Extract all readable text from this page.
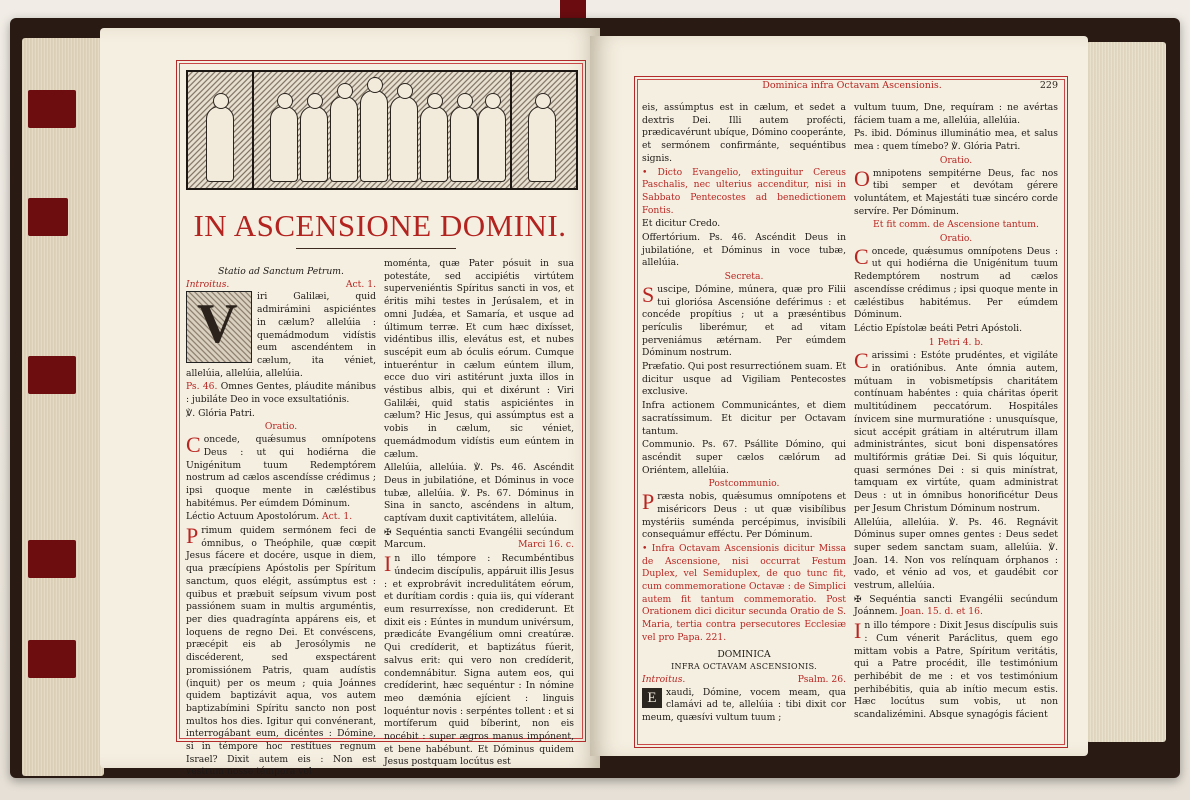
IN ASCENSIONE DOMINI.
Statio ad Sanctum Petrum.
Introitus.	Act. 1.
V iri Galilæi, quid admirámini aspiciéntes in cælum? allelúia : quemádmodum vidístis eum ascendéntem in cælum, ita véniet, allelúia, allelúia, allelúia.
Ps. 46. Omnes Gentes, pláudite mánibus : jubiláte Deo in voce exsultatiónis.
℣. Glória Patri.
Oratio.
Concede, quǽsumus omnípotens Deus : ut qui hodiérna die Unigénitum tuum Redemptórem nostrum ad cælos ascendísse crédimus ; ipsi quoque mente in cæléstibus habitémus. Per eúmdem Dóminum.
Léctio Actuum Apostolórum. Act. 1.
Primum quidem sermónem feci de ómnibus, o Theóphile, quæ cœpit Jesus fácere et docére, usque in diem, qua præcípiens Apóstolis per Spíritum sanctum, quos elégit, assúmptus est : quibus et præbuit seípsum vivum post passiónem suam in multis arguméntis, per dies quadragínta appárens eis, et loquens de regno Dei. Et convéscens, præcépit eis ab Jerosólymis ne discéderent, sed exspectárent promissiónem Patris, quam audístis (inquit) per os meum ; quia Joánnes quidem baptizávit aqua, vos autem baptizabímini Spíritu sancto non post multos hos dies. Igitur qui convénerant, interrogábant eum, dicéntes : Dómine, si in témpore hoc restítues regnum Israel? Dixit autem eis : Non est vestrum nosse témpora vel
moménta, quæ Pater pósuit in sua potestáte, sed accipiétis virtútem superveniéntis Spíritus sancti in vos, et éritis mihi testes in Jerúsalem, et in omni Judǽa, et Samaría, et usque ad últimum terræ. Et cum hæc dixísset, vidéntibus illis, elevátus est, et nubes suscépit eum ab óculis eórum. Cumque intueréntur in cælum eúntem illum, ecce duo viri astitérunt juxta illos in véstibus albis, qui et dixérunt : Viri Galilǽi, quid statis aspiciéntes in cælum? Hic Jesus, qui assúmptus est a vobis in cælum, sic véniet, quemádmodum vidístis eum eúntem in cælum.
Allelúia, allelúia. ℣. Ps. 46. Ascéndit Deus in jubilatióne, et Dóminus in voce tubæ, allelúia. ℣. Ps. 67. Dóminus in Sina in sancto, ascéndens in altum, captívam duxit captivitátem, allelúia.
✠ Sequéntia sancti Evangélii secúndum Marcum.	Marci 16. c.
In illo témpore : Recumbéntibus úndecim discípulis, appáruit illis Jesus : et exprobrávit incredulitátem eórum, et durítiam cordis : quia iis, qui víderant eum resurrexísse, non crediderunt. Et dixit eis : Eúntes in mundum univérsum, prædicáte Evangélium omni creatúræ. Qui credíderit, et baptizátus fúerit, salvus erit: qui vero non credíderit, condemnábitur. Signa autem eos, qui credíderint, hæc sequéntur : In nómine meo dæmónia ejícient : linguis loquéntur novis : serpéntes tollent : et si mortíferum quid bíberint, non eis nocébit : super ægros manus impónent, et bene habébunt. Et Dóminus quidem Jesus postquam locútus est
Dominica infra Octavam Ascensionis.	229
eis, assúmptus est in cælum, et sedet a dextris Dei. Illi autem profécti, prædicavérunt ubíque, Dómino cooperánte, et sermónem confirmánte, sequéntibus signis.
• Dicto Evangelio, extinguitur Cereus Paschalis, nec ulterius accenditur, nisi in Sabbato Pentecostes ad benedictionem Fontis.
Et dicitur Credo.
Offertórium. Ps. 46. Ascéndit Deus in jubilatióne, et Dóminus in voce tubæ, allelúia.
Secreta.
Suscipe, Dómine, múnera, quæ pro Filii tui gloriósa Ascensióne deférimus : et concéde propítius ; ut a præséntibus perículis liberémur, et ad vitam perveniámus ætérnam. Per eúmdem Dóminum nostrum.
Præfatio. Qui post resurrectiónem suam. Et dicitur usque ad Vigiliam Pentecostes exclusive.
Infra actionem Communicántes, et diem sacratíssimum. Et dicitur per Octavam tantum.
Communio. Ps. 67. Psállite Dómino, qui ascéndit super cælos cælórum ad Oriéntem, allelúia.
Postcommunio.
Præsta nobis, quǽsumus omnípotens et miséricors Deus : ut quæ visibílibus mystériis suménda percépimus, invisíbili consequámur efféctu. Per Dóminum.
• Infra Octavam Ascensionis dicitur Missa de Ascensione, nisi occurrat Festum Duplex, vel Semiduplex, de quo tunc fit, cum commemoratione Octavæ : de Simplici autem fit tantum commemoratio. Post Orationem dici dicitur secunda Oratio de S. Maria, tertia contra persecutores Ecclesiæ vel pro Papa. 221.
DOMINICA
INFRA OCTAVAM ASCENSIONIS.
Introitus.	Psalm. 26.
E	xaudi, Dómine, vocem meam, qua clamávi ad te, allelúia : tibi dixit cor meum, quæsívi vultum tuum ;
vultum tuum, Dne, requíram : ne avértas fáciem tuam a me, allelúia, allelúia.
Ps. ibid. Dóminus illuminátio mea, et salus mea : quem tímebo? ℣. Glória Patri.
Oratio.
Omnipotens sempitérne Deus, fac nos tibi semper et devótam gérere voluntátem, et Majestáti tuæ sincéro corde servíre. Per Dóminum.
Et fit comm. de Ascensione tantum.
Oratio.
Concede, quǽsumus omnípotens Deus : ut qui hodiérna die Unigénitum tuum Redemptórem nostrum ad cælos ascendísse crédimus ; ipsi quoque mente in cæléstibus habitémus. Per eúmdem Dóminum.
Léctio Epístolæ beáti Petri Apóstoli.
1 Petri 4. b.
Carissimi : Estóte prudéntes, et vigiláte in oratiónibus. Ante ómnia autem, mútuam in vobismetípsis charitátem contínuam habéntes : quia cháritas óperit multitúdinem peccatórum. Hospitáles ínvicem sine murmuratióne : unusquísque, sicut accépit grátiam in altérutrum illam administrántes, sicut boni dispensatóres multifórmis grátiæ Dei. Si quis lóquitur, quasi sermónes Dei : si quis minístrat, tamquam ex virtúte, quam administrat Deus : ut in ómnibus honorificétur Deus per Jesum Christum Dóminum nostrum.
Allelúia, allelúia. ℣. Ps. 46. Regnávit Dóminus super omnes gentes : Deus sedet super sedem sanctam suam, allelúia. ℣. Joan. 14. Non vos relínquam órphanos : vado, et vénio ad vos, et gaudébit cor vestrum, allelúia.
✠ Sequéntia sancti Evangélii secúndum Joánnem. Joan. 15. d. et 16.
In illo témpore : Dixit Jesus discípulis suis : Cum vénerit Paráclitus, quem ego mittam vobis a Patre, Spíritum veritátis, qui a Patre procédit, ille testimónium perhibébit de me : et vos testimónium perhibébitis, quia ab inítio mecum estis. Hæc locútus sum vobis, ut non scandalizémini. Absque synagógis fácient
